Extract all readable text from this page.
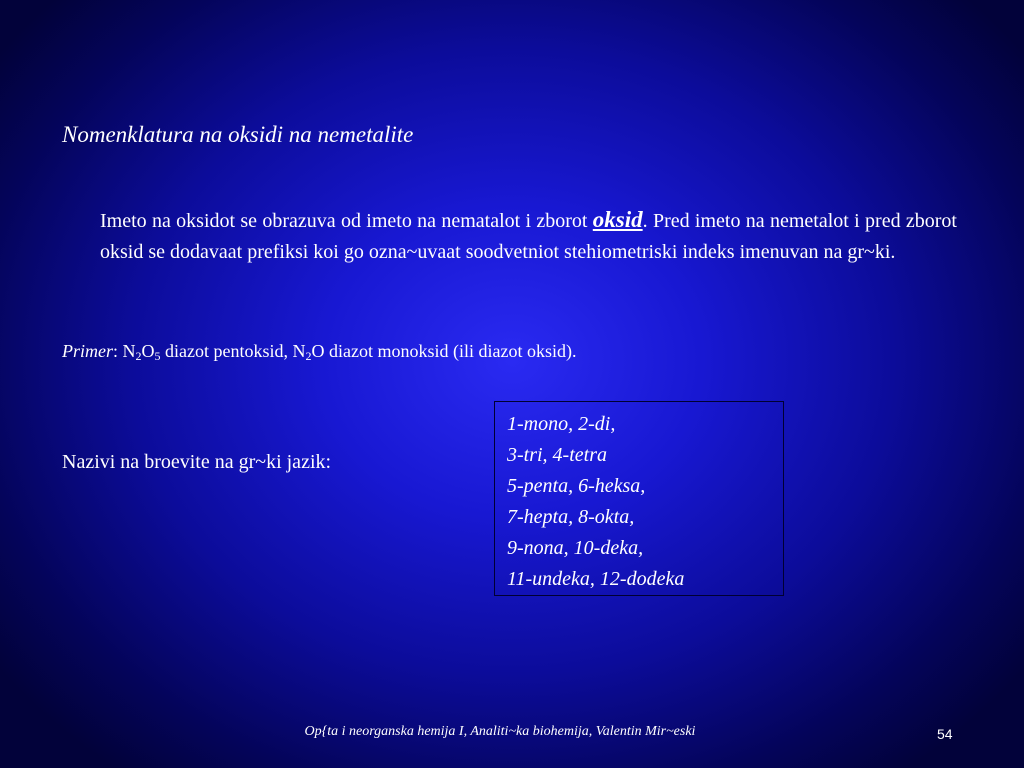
Nomenklatura na oksidi na nemetalite
Imeto na oksidot se obrazuva od imeto na nematalot i zborot oksid. Pred imeto na nemetalot i pred zborot oksid se dodavaat prefiksi koi go ozna~uvaat soodvetniot stehiometriski indeks imenuvan na gr~ki.
Primer: $N_2O_5$ diazot pentoksid, $N_2O$ diazot monoksid (ili diazot oksid).
Nazivi na broevite na gr~ki jazik:
1-mono, 2-di,
3-tri, 4-tetra
5-penta, 6-heksa,
7-hepta, 8-okta,
9-nona, 10-deka,
11-undeka, 12-dodeka
Op{ta i neorganska hemija I, Analiti~ka biohemija, Valentin Mir~eski	54
